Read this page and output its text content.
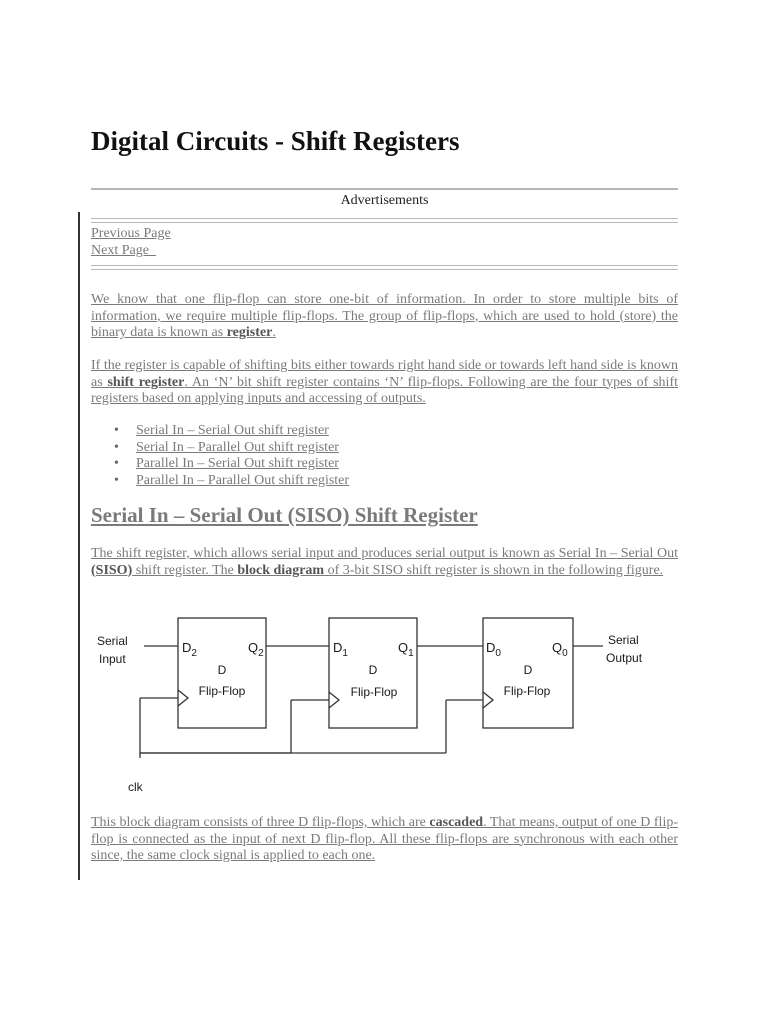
Digital Circuits - Shift Registers
Advertisements
Previous Page
Next Page

We know that one flip-flop can store one-bit of information. In order to store multiple bits of information, we require multiple flip-flops. The group of flip-flops, which are used to hold (store) the binary data is known as register.

If the register is capable of shifting bits either towards right hand side or towards left hand side is known as shift register. An ‘N’ bit shift register contains ‘N’ flip-flops. Following are the four types of shift registers based on applying inputs and accessing of outputs.

• Serial In – Serial Out shift register
• Serial In – Parallel Out shift register
• Parallel In – Serial Out shift register
• Parallel In – Parallel Out shift register
Serial In – Serial Out (SISO) Shift Register

The shift register, which allows serial input and produces serial output is known as Serial In – Serial Out (SISO) shift register. The block diagram of 3-bit SISO shift register is shown in the following figure.

Serial
Input
Serial
Output
clk
$D_2$	$Q_2$
D
Flip-Flop
$D_1$	$Q_1$
D
Flip-Flop
$D_0$	$Q_0$
D
Flip-Flop

This block diagram consists of three D flip-flops, which are cascaded. That means, output of one D flip-flop is connected as the input of next D flip-flop. All these flip-flops are synchronous with each other since, the same clock signal is applied to each one.
